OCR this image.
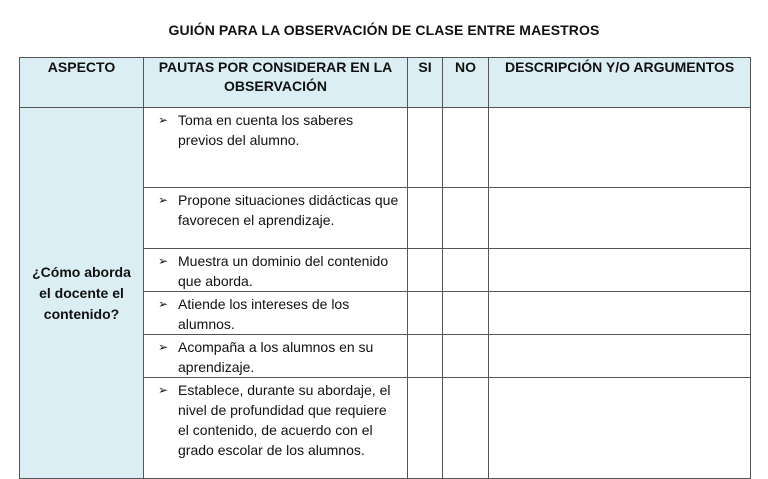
GUIÓN PARA LA OBSERVACIÓN DE CLASE ENTRE MAESTROS
ASPECTO	PAUTAS POR CONSIDERAR EN LA OBSERVACIÓN	SI	NO	DESCRIPCIÓN Y/O ARGUMENTOS
¿Cómo aborda el docente el contenido?	➢ Toma en cuenta los saberes previos del alumno.			

	➢ Propone situaciones didácticas que favorecen el aprendizaje.			

	➢ Muestra un dominio del contenido que aborda.			

	➢ Atiende los intereses de los alumnos.			

	➢ Acompaña a los alumnos en su aprendizaje.			

	➢ Establece, durante su abordaje, el nivel de profundidad que requiere el contenido, de acuerdo con el grado escolar de los alumnos.			
